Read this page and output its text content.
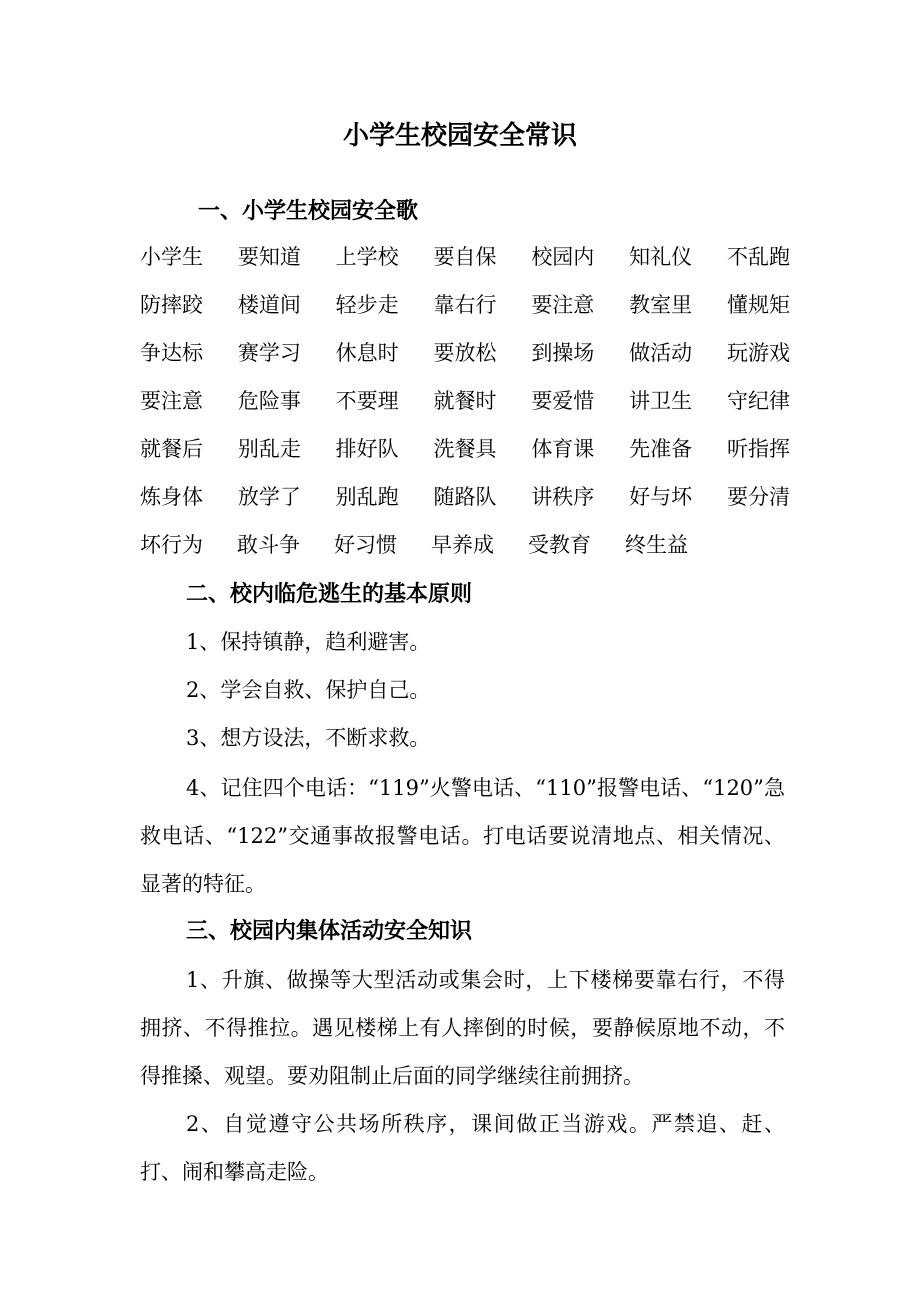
小学生校园安全常识
一、小学生校园安全歌
小学生 要知道 上学校 要自保 校园内 知礼仪 不乱跑
防摔跤 楼道间 轻步走 靠右行 要注意 教室里 懂规矩
争达标 赛学习 休息时 要放松 到操场 做活动 玩游戏
要注意 危险事 不要理 就餐时 要爱惜 讲卫生 守纪律
就餐后 别乱走 排好队 洗餐具 体育课 先准备 听指挥
炼身体 放学了 别乱跑 随路队 讲秩序 好与坏 要分清
坏行为 敢斗争 好习惯 早养成 受教育 终生益
二、校内临危逃生的基本原则
1、保持镇静，趋利避害。
2、学会自救、保护自己。
3、想方设法，不断求救。
4、记住四个电话：“119”火警电话、“110”报警电话、“120”急救电话、“122”交通事故报警电话。打电话要说清地点、相关情况、显著的特征。
三、校园内集体活动安全知识
1、升旗、做操等大型活动或集会时，上下楼梯要靠右行，不得拥挤、不得推拉。遇见楼梯上有人摔倒的时候，要静候原地不动，不得推搡、观望。要劝阻制止后面的同学继续往前拥挤。
2、自觉遵守公共场所秩序，课间做正当游戏。严禁追、赶、打、闹和攀高走险。
